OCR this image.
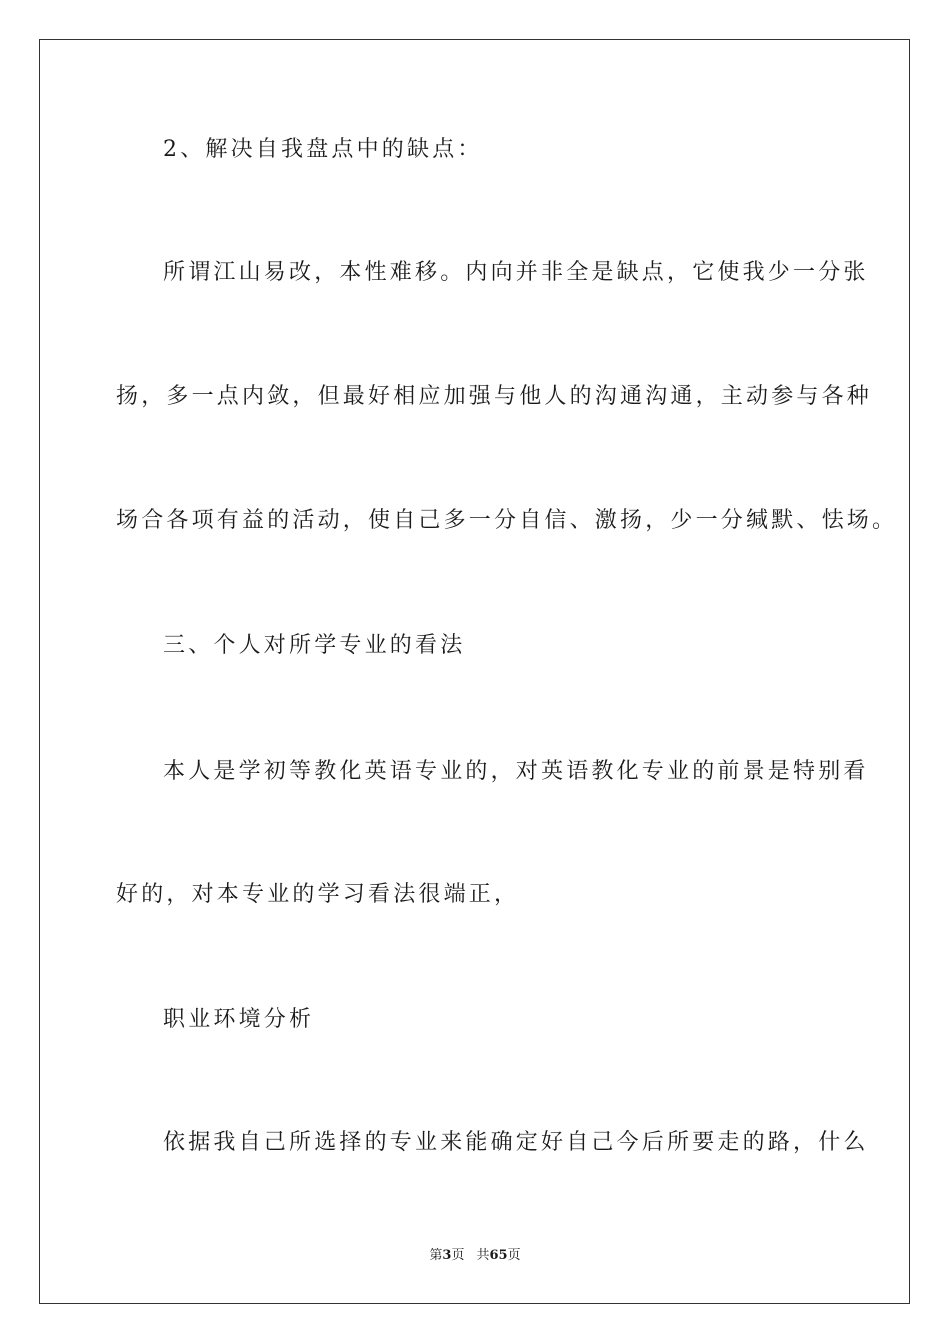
2、解决自我盘点中的缺点：
所谓江山易改，本性难移。内向并非全是缺点，它使我少一分张
扬，多一点内敛，但最好相应加强与他人的沟通沟通，主动参与各种
场合各项有益的活动，使自己多一分自信、激扬，少一分缄默、怯场。
三、个人对所学专业的看法
本人是学初等教化英语专业的，对英语教化专业的前景是特别看
好的，对本专业的学习看法很端正，
职业环境分析
依据我自己所选择的专业来能确定好自己今后所要走的路，什么
第3页 共65页
